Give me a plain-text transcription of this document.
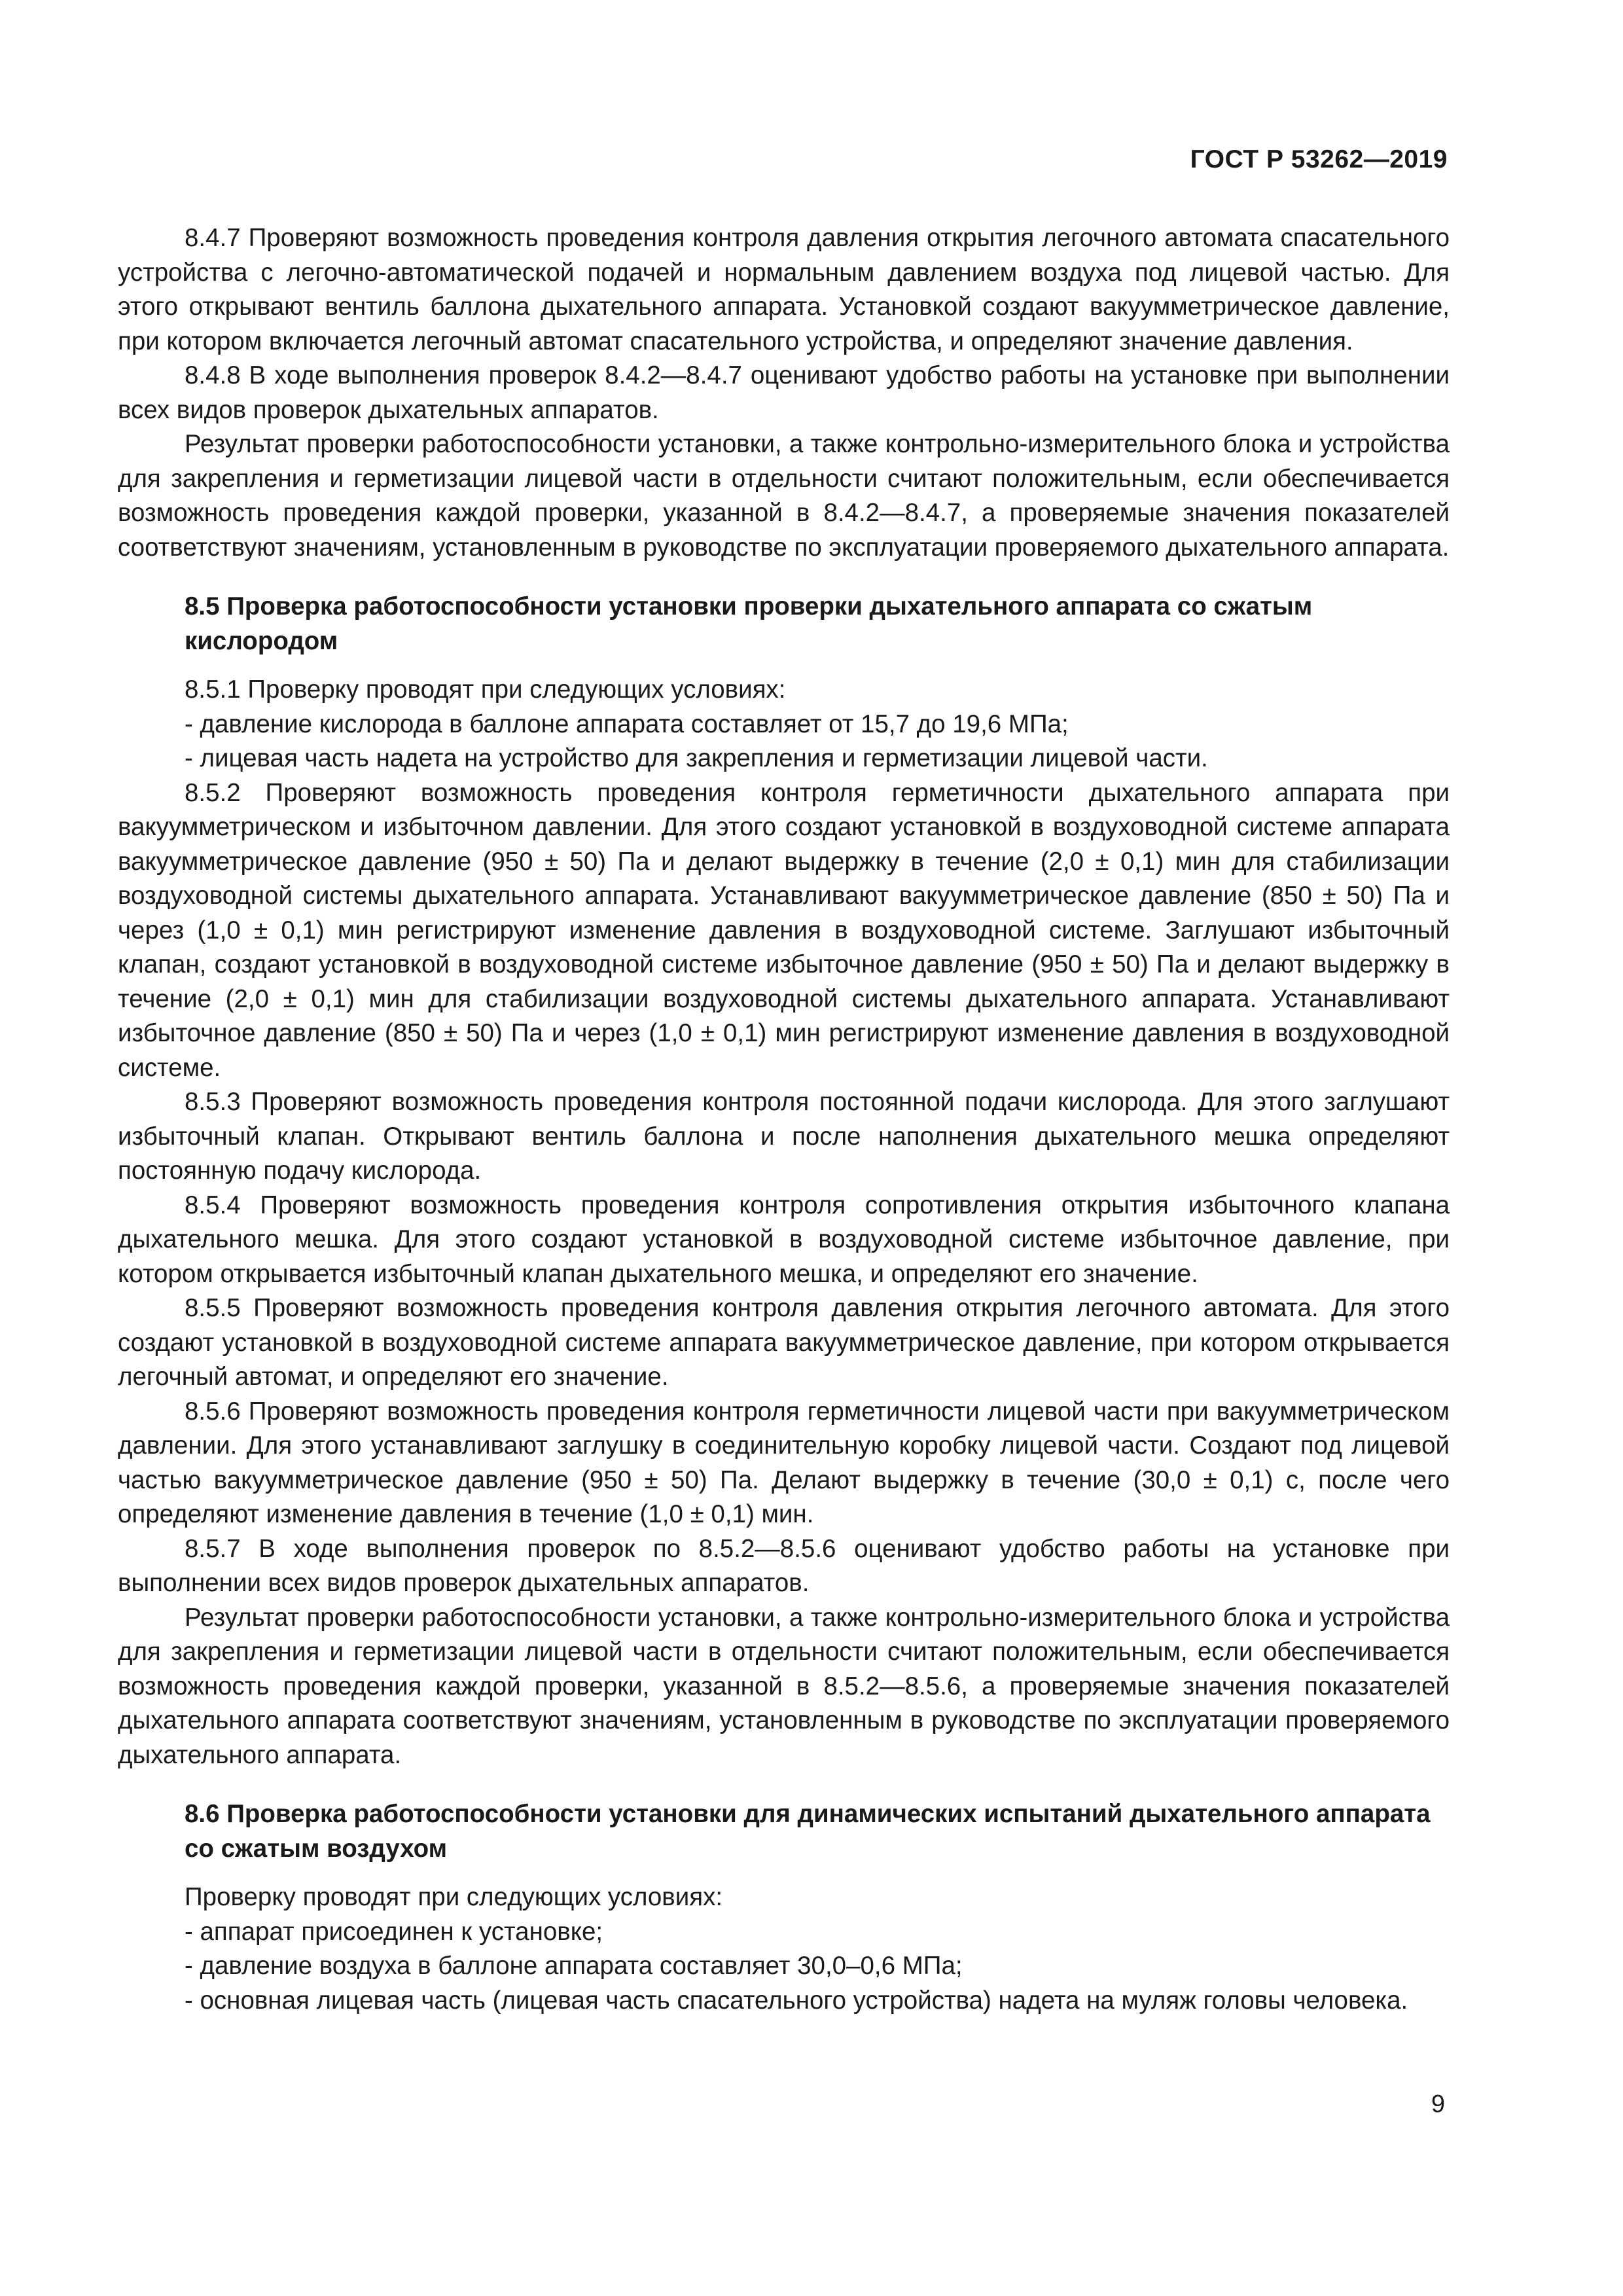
ГОСТ Р 53262—2019

8.4.7 Проверяют возможность проведения контроля давления открытия легочного автомата спасательного устройства с легочно-автоматической подачей и нормальным давлением воздуха под лицевой частью. Для этого открывают вентиль баллона дыхательного аппарата. Установкой создают вакуумметрическое давление, при котором включается легочный автомат спасательного устройства, и определяют значение давления.

8.4.8 В ходе выполнения проверок 8.4.2—8.4.7 оценивают удобство работы на установке при выполнении всех видов проверок дыхательных аппаратов.

Результат проверки работоспособности установки, а также контрольно-измерительного блока и устройства для закрепления и герметизации лицевой части в отдельности считают положительным, если обеспечивается возможность проведения каждой проверки, указанной в 8.4.2—8.4.7, а проверяемые значения показателей соответствуют значениям, установленным в руководстве по эксплуатации проверяемого дыхательного аппарата.

8.5 Проверка работоспособности установки проверки дыхательного аппарата со сжатым кислородом

8.5.1 Проверку проводят при следующих условиях:

- давление кислорода в баллоне аппарата составляет от 15,7 до 19,6 МПа;

- лицевая часть надета на устройство для закрепления и герметизации лицевой части.

8.5.2 Проверяют возможность проведения контроля герметичности дыхательного аппарата при вакуумметрическом и избыточном давлении. Для этого создают установкой в воздуховодной системе аппарата вакуумметрическое давление (950 ± 50) Па и делают выдержку в течение (2,0 ± 0,1) мин для стабилизации воздуховодной системы дыхательного аппарата. Устанавливают вакуумметрическое давление (850 ± 50) Па и через (1,0 ± 0,1) мин регистрируют изменение давления в воздуховодной системе. Заглушают избыточный клапан, создают установкой в воздуховодной системе избыточное давление (950 ± 50) Па и делают выдержку в течение (2,0 ± 0,1) мин для стабилизации воздуховодной системы дыхательного аппарата. Устанавливают избыточное давление (850 ± 50) Па и через (1,0 ± 0,1) мин регистрируют изменение давления в воздуховодной системе.

8.5.3 Проверяют возможность проведения контроля постоянной подачи кислорода. Для этого заглушают избыточный клапан. Открывают вентиль баллона и после наполнения дыхательного мешка определяют постоянную подачу кислорода.

8.5.4 Проверяют возможность проведения контроля сопротивления открытия избыточного клапана дыхательного мешка. Для этого создают установкой в воздуховодной системе избыточное давление, при котором открывается избыточный клапан дыхательного мешка, и определяют его значение.

8.5.5 Проверяют возможность проведения контроля давления открытия легочного автомата. Для этого создают установкой в воздуховодной системе аппарата вакуумметрическое давление, при котором открывается легочный автомат, и определяют его значение.

8.5.6 Проверяют возможность проведения контроля герметичности лицевой части при вакуумметрическом давлении. Для этого устанавливают заглушку в соединительную коробку лицевой части. Создают под лицевой частью вакуумметрическое давление (950 ± 50) Па. Делают выдержку в течение (30,0 ± 0,1) с, после чего определяют изменение давления в течение (1,0 ± 0,1) мин.

8.5.7 В ходе выполнения проверок по 8.5.2—8.5.6 оценивают удобство работы на установке при выполнении всех видов проверок дыхательных аппаратов.

Результат проверки работоспособности установки, а также контрольно-измерительного блока и устройства для закрепления и герметизации лицевой части в отдельности считают положительным, если обеспечивается возможность проведения каждой проверки, указанной в 8.5.2—8.5.6, а проверяемые значения показателей дыхательного аппарата соответствуют значениям, установленным в руководстве по эксплуатации проверяемого дыхательного аппарата.

8.6 Проверка работоспособности установки для динамических испытаний дыхательного аппарата со сжатым воздухом

Проверку проводят при следующих условиях:

- аппарат присоединен к установке;

- давление воздуха в баллоне аппарата составляет 30,0–0,6 МПа;

- основная лицевая часть (лицевая часть спасательного устройства) надета на муляж головы человека.

9
